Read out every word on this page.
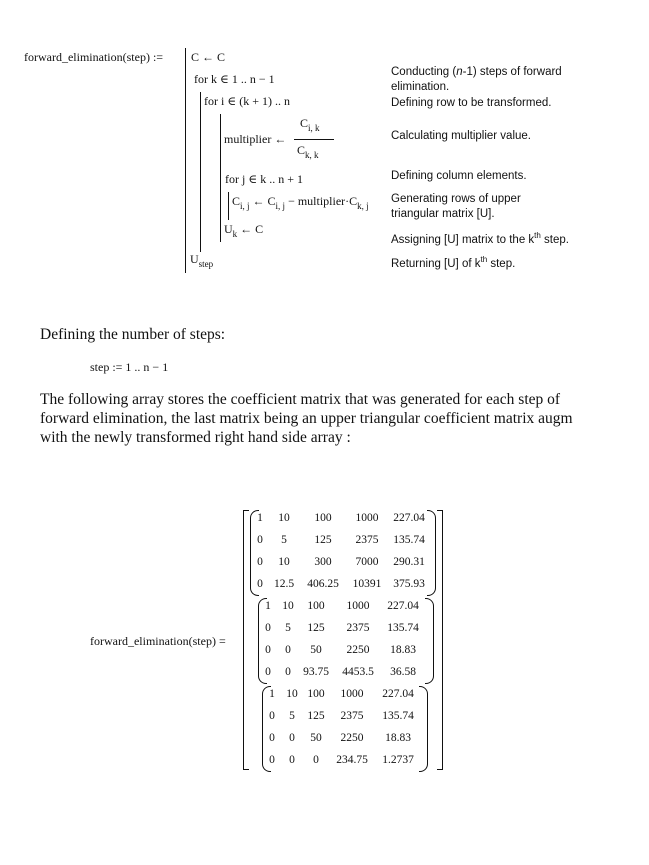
forward_elimination(step) := C ← C
for k ∈ 1 .. n − 1
for i ∈ (k + 1) .. n
multiplier ←
$C_{i, k}$
$C_{k, k}$
for j ∈ k .. n + 1
$C_{i, j}$ ← $C_{i, j}$ − $multiplier\cdot C_{k, j}$
$U_k$ ← C
$U_{step}$
Conducting (n-1) steps of forward
elimination.
Defining row to be transformed.
Calculating multiplier value.
Defining column elements.
Generating rows of upper
triangular matrix [U].
Assigning [U] matrix to the $k^{th}$ step.
Returning [U] of $k^{th}$ step.
Defining the number of steps:
step := 1 .. n − 1
The following array stores the coefficient matrix that was generated for each step of
forward elimination, the last matrix being an upper triangular coefficient matrix augm
with the newly transformed right hand side array :
forward_elimination(step) =
1	10	100	1000	227.04
0	5	125	2375	135.74
0	10	300	7000	290.31
0 12.5	406.25	10391	375.93
1 10	100	1000	227.04
0	5	125	2375	135.74
0	0	50	2250	18.83
0	0	93.75	4453.5	36.58
1 10 100	1000	227.04
0	5	125	2375	135.74
0	0	50	2250	18.83
0	0	0	234.75	1.2737
